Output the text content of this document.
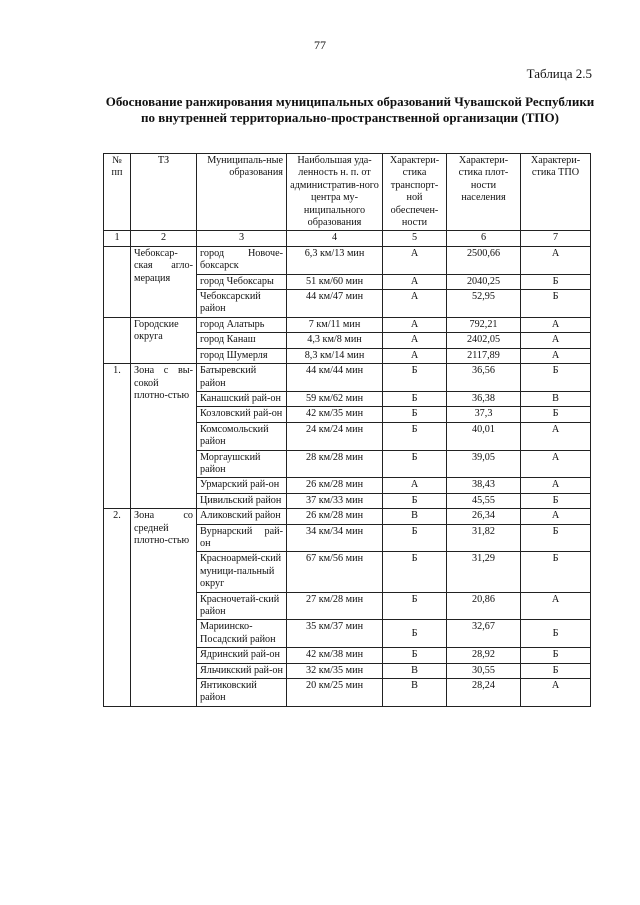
77
Таблица 2.5
Обоснование ранжирования муниципальных образований Чувашской Республики по внутренней территориально-пространственной организации (ТПО)
№ пп	ТЗ	Муниципаль-ные образования	Наибольшая уда-ленность н. п. от административ-ного центра му-ниципального образования	Характери-стика транспорт-ной обеспечен-ности	Характери-стика плот-ности населения	Характери-стика ТПО
1	2	3	4	5	6	7
	Чебоксар-ская агло-мерация	город Новоче-боксарск	6,3 км/13 мин	А	2500,66	А
		город Чебоксары	51 км/60 мин	А	2040,25	Б
		Чебоксарский район	44 км/47 мин	А	52,95	Б
	Городские округа	город Алатырь	7 км/11 мин	А	792,21	А
		город Канаш	4,3 км/8 мин	А	2402,05	А
		город Шумерля	8,3 км/14 мин	А	2117,89	А
1.	Зона с вы-сокой плотно-стью	Батыревский район	44 км/44 мин	Б	36,56	Б
		Канашский рай-он	59 км/62 мин	Б	36,38	В
		Козловский рай-он	42 км/35 мин	Б	37,3	Б
		Комсомольский район	24 км/24 мин	Б	40,01	А
		Моргаушский район	28 км/28 мин	Б	39,05	А
		Урмарский рай-он	26 км/28 мин	А	38,43	А
		Цивильский район	37 км/33 мин	Б	45,55	Б
2.	Зона со средней плотно-стью	Аликовский район	26 км/28 мин	В	26,34	А
		Вурнарский рай-он	34 км/34 мин	Б	31,82	Б
		Красноармей-ский муници-пальный округ	67 км/56 мин	Б	31,29	Б
		Красночетай-ский район	27 км/28 мин	Б	20,86	А
		Мариинско-Посадский район	35 км/37 мин	Б	32,67	Б
		Ядринский рай-он	42 км/38 мин	Б	28,92	Б
		Яльчикский рай-он	32 км/35 мин	В	30,55	Б
		Янтиковский район	20 км/25 мин	В	28,24	А
